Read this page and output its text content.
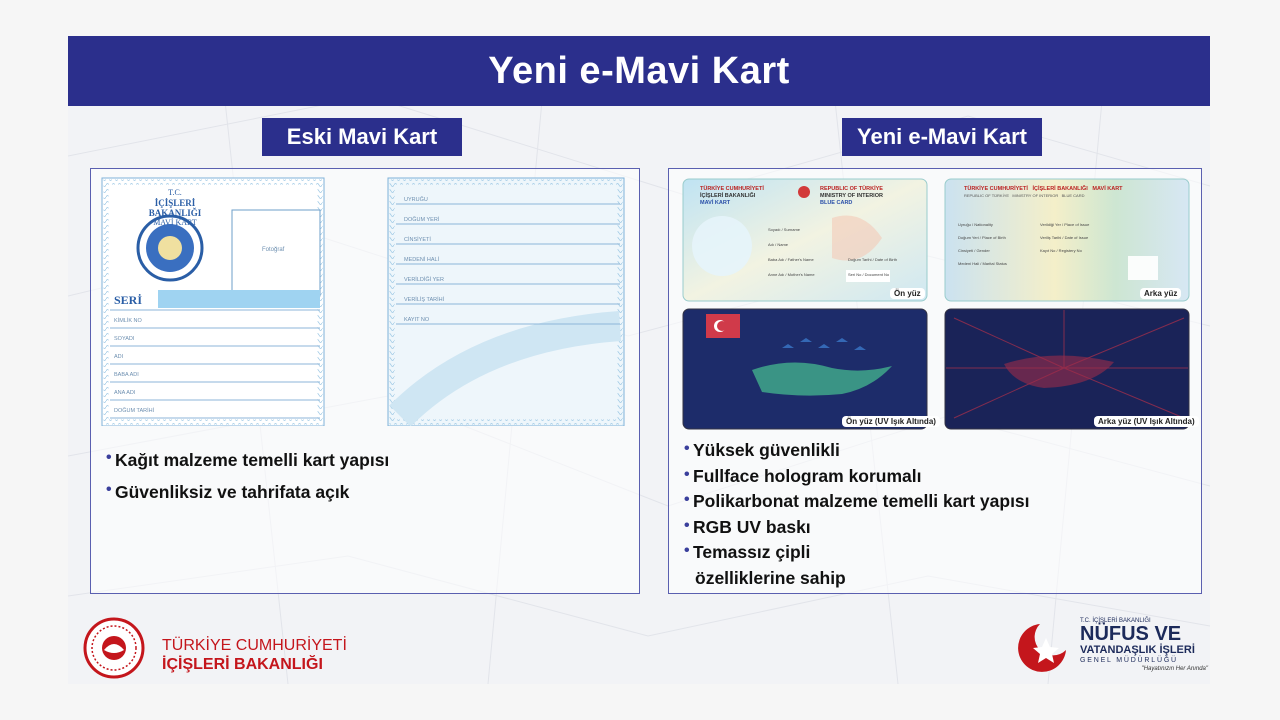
Yeni e-Mavi Kart
Eski Mavi Kart
T.C.
İÇİŞLERİ BAKANLIĞI
MAVİ KART
Fotoğraf
SERİ
KİMLİK NO
SOYADI
ADI
BABA ADI
ANA ADI
DOĞUM TARİHİ
UYRUĞU
DOĞUM YERİ
CİNSİYETİ
MEDENİ HALİ
VERİLDİĞİ YER
VERİLİŞ TARİHİ
KAYIT NO
• Kağıt malzeme temelli kart yapısı
• Güvenliksiz ve tahrifata açık
Yeni e-Mavi Kart
TÜRKİYE CUMHURİYETİ
İÇİŞLERİ BAKANLIĞI
MAVİ KART
REPUBLIC OF TÜRKİYE
MINISTRY OF INTERIOR
BLUE CARD
Soyadı / Surname
Adı / Name
Baba Adı / Father's Name
Anne Adı / Mother's Name
Doğum Tarihi / Date of Birth
Seri No / Document No
Ön yüz
TÜRKİYE CUMHURİYETİ İÇİŞLERİ BAKANLIĞI MAVİ KART
REPUBLIC OF TÜRKİYE MINISTRY OF INTERIOR BLUE CARD
Uyruğu / Nationality
Doğum Yeri / Place of Birth
Cinsiyeti / Gender
Medeni Hali / Marital Status
Verildiği Yer / Place of Issue
Veriliş Tarihi / Date of Issue
Kayıt No / Registery No
Arka yüz
Ön yüz (UV Işık Altında)	Arka yüz (UV Işık Altında)
• Yüksek güvenlikli
• Fullface hologram korumalı
• Polikarbonat malzeme temelli kart yapısı
• RGB UV baskı
• Temassız çipli
özelliklerine sahip
TÜRKİYE CUMHURİYETİ
İÇİŞLERİ BAKANLIĞI
T.C. İÇİŞLERİ BAKANLIĞI
NÜFUS VE
VATANDAŞLIK İŞLERİ
GENEL MÜDÜRLÜĞÜ
"Hayatınızın Her Anında"
